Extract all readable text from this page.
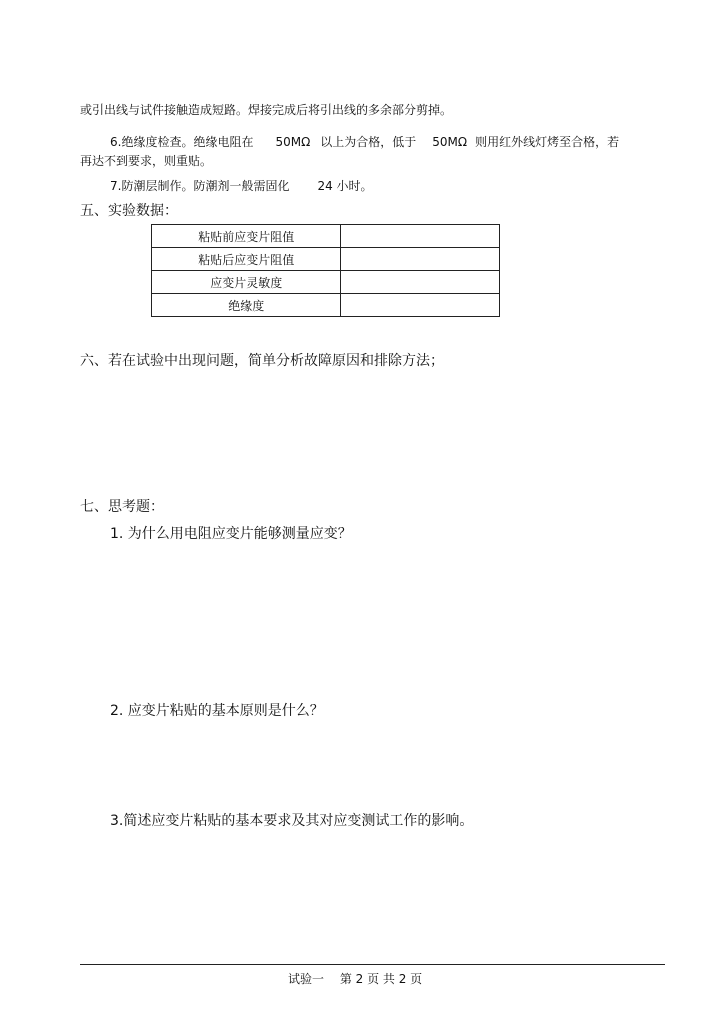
或引出线与试件接触造成短路。焊接完成后将引出线的多余部分剪掉。
6.绝缘度检查。绝缘电阻在 50MΩ 以上为合格，低于 50MΩ 则用红外线灯烤至合格，若
再达不到要求，则重贴。
7.防潮层制作。防潮剂一般需固化 24 小时。
五、实验数据：
粘贴前应变片阻值	
粘贴后应变片阻值	
应变片灵敏度	
绝缘度	
六、若在试验中出现问题，简单分析故障原因和排除方法；
七、思考题：
1. 为什么用电阻应变片能够测量应变？
2. 应变片粘贴的基本原则是什么？
3.简述应变片粘贴的基本要求及其对应变测试工作的影响。
试验一　 第 2 页 共 2 页
